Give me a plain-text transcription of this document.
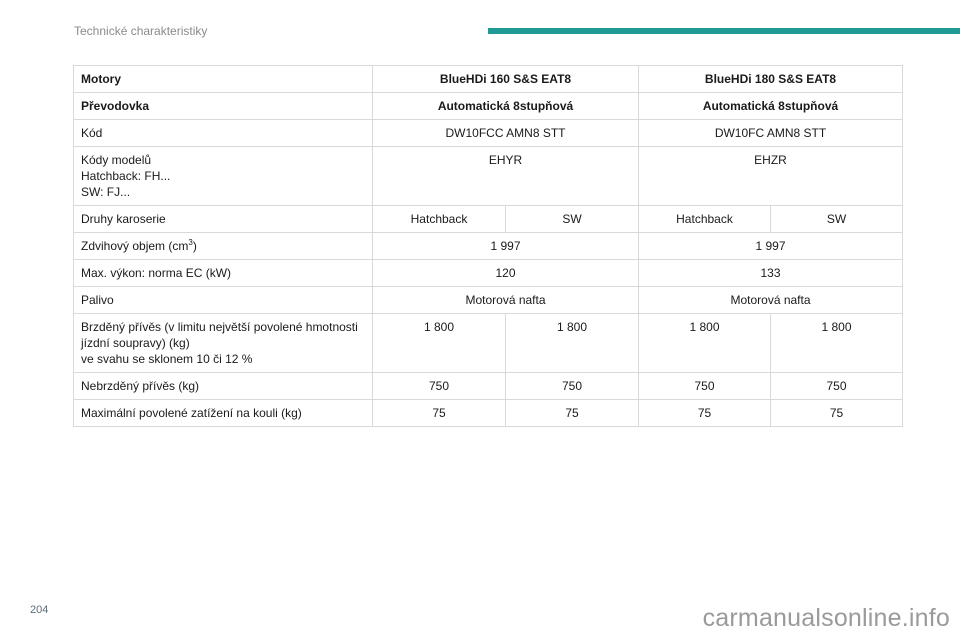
Technické charakteristiky
Motory	BlueHDi 160 S&S EAT8		BlueHDi 180 S&S EAT8	
Převodovka	Automatická 8stupňová		Automatická 8stupňová	
Kód	DW10FCC AMN8 STT		DW10FC AMN8 STT	

Kódy modelů
Hatchback: FH...
SW: FJ...	EHYR		EHZR	
Druhy karoserie	Hatchback	SW	Hatchback	SW
Zdvihový objem $(cm^3)$	1 997		1 997	
Max. výkon: norma EC (kW)	120		133	
Palivo	Motorová nafta		Motorová nafta	

Brzděný přívěs (v limitu největší povolené hmotnosti
jízdní soupravy) (kg)
ve svahu se sklonem 10 či 12 %	1 800	1 800	1 800	1 800
Nebrzděný přívěs (kg)	750	750	750	750
Maximální povolené zatížení na kouli (kg)	75	75	75	75
204	carmanualsonline.info
